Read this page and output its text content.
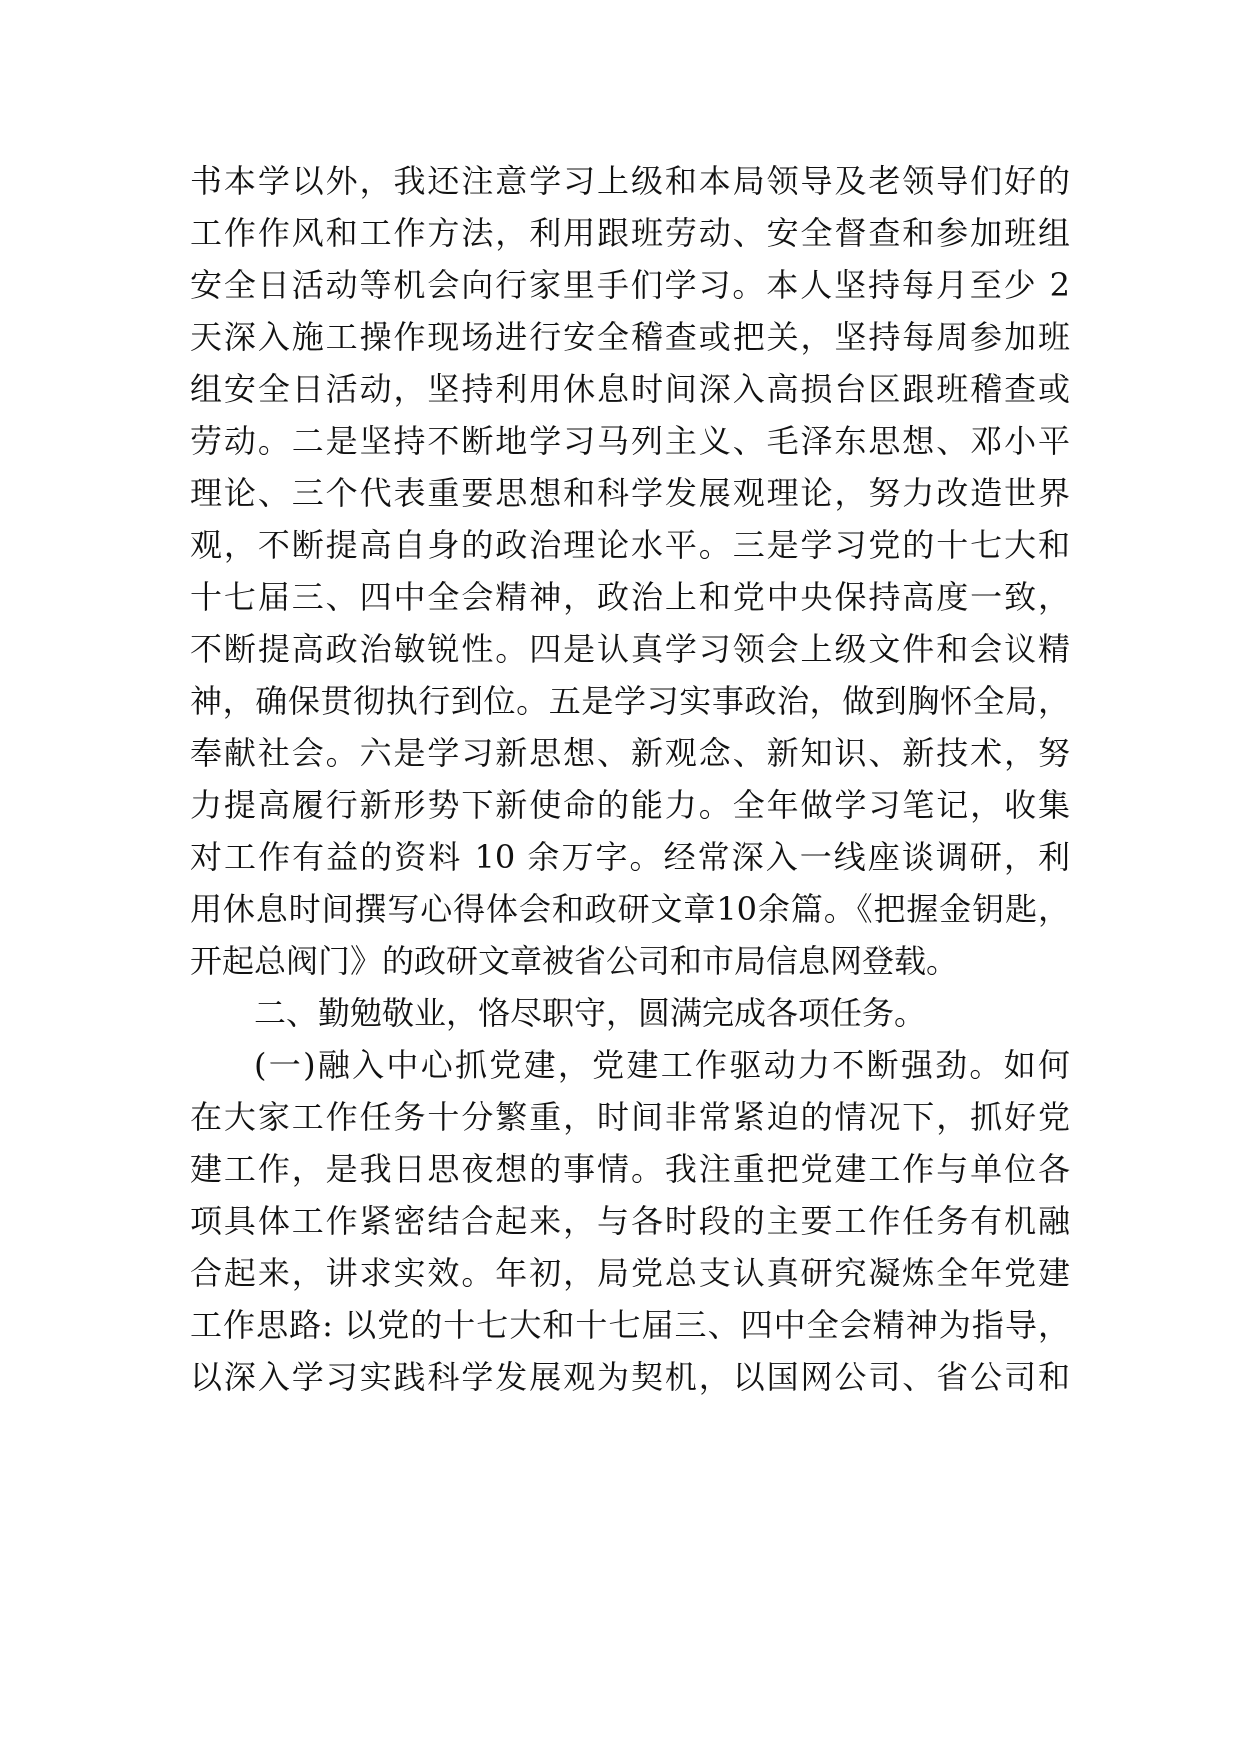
书本学以外，我还注意学习上级和本局领导及老领导们好的
工作作风和工作方法，利用跟班劳动、安全督查和参加班组
安全日活动等机会向行家里手们学习。本人坚持每月至少 2
天深入施工操作现场进行安全稽查或把关，坚持每周参加班
组安全日活动，坚持利用休息时间深入高损台区跟班稽查或
劳动。二是坚持不断地学习马列主义、毛泽东思想、邓小平
理论、三个代表重要思想和科学发展观理论，努力改造世界
观，不断提高自身的政治理论水平。三是学习党的十七大和
十七届三、四中全会精神，政治上和党中央保持高度一致，
不断提高政治敏锐性。四是认真学习领会上级文件和会议精
神，确保贯彻执行到位。五是学习实事政治，做到胸怀全局，
奉献社会。六是学习新思想、新观念、新知识、新技术，努
力提高履行新形势下新使命的能力。全年做学习笔记，收集
对工作有益的资料 10 余万字。经常深入一线座谈调研，利
用休息时间撰写心得体会和政研文章10余篇。《把握金钥匙，
开起总阀门》的政研文章被省公司和市局信息网登载。
二、勤勉敬业，恪尽职守，圆满完成各项任务。
(一)融入中心抓党建，党建工作驱动力不断强劲。如何
在大家工作任务十分繁重，时间非常紧迫的情况下，抓好党
建工作，是我日思夜想的事情。我注重把党建工作与单位各
项具体工作紧密结合起来，与各时段的主要工作任务有机融
合起来，讲求实效。年初，局党总支认真研究凝炼全年党建
工作思路: 以党的十七大和十七届三、四中全会精神为指导，
以深入学习实践科学发展观为契机，以国网公司、省公司和
